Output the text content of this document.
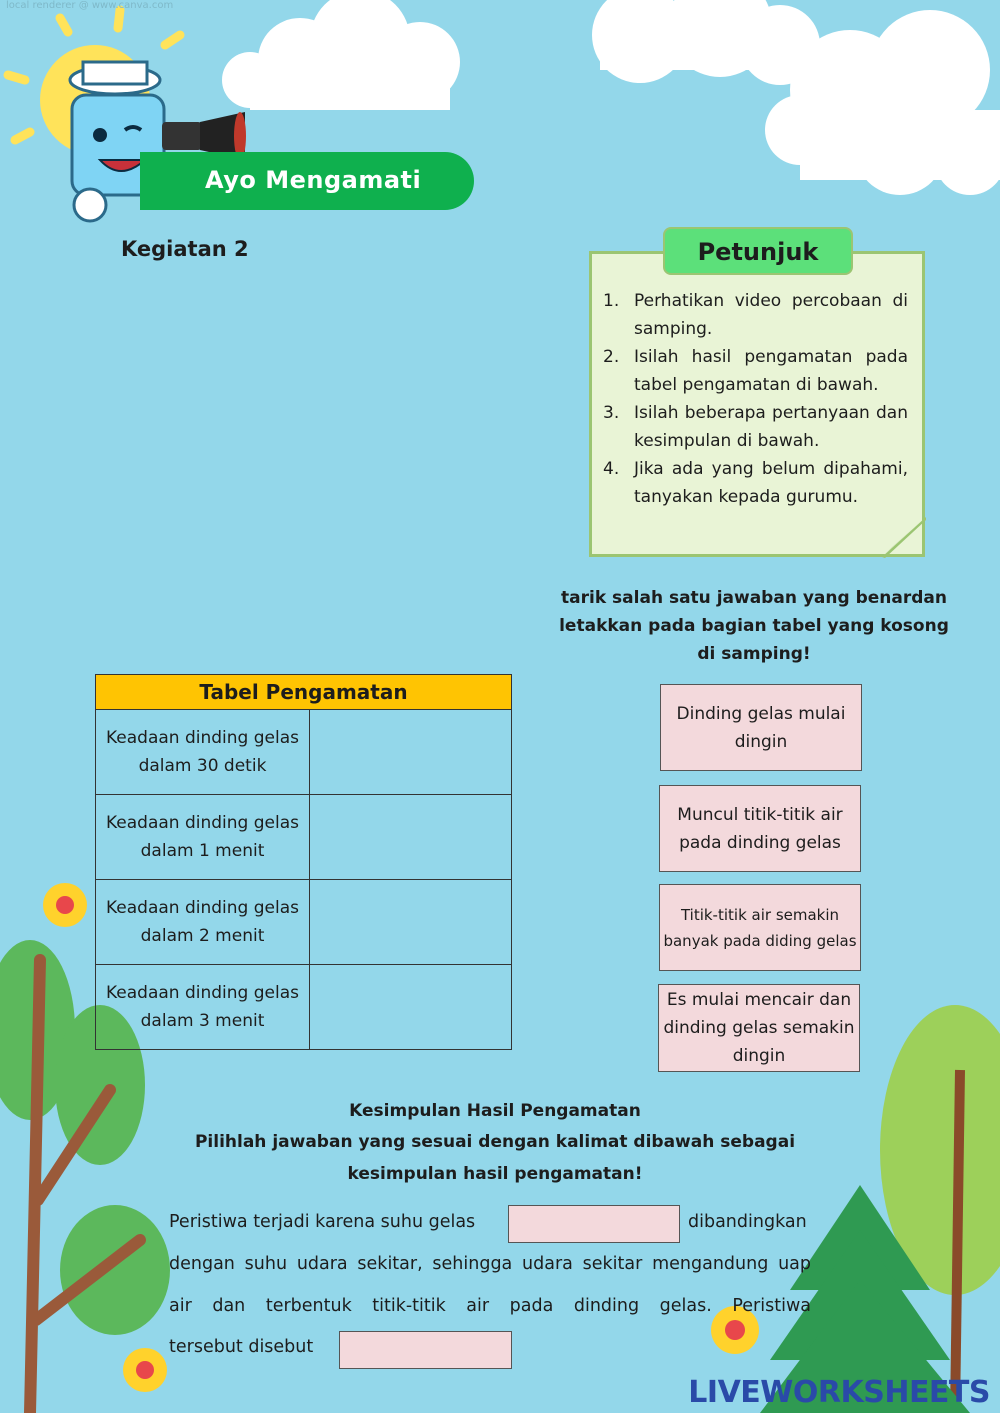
local renderer @ www.canva.com
Ayo Mengamati
Kegiatan 2	Petunjuk
1. Perhatikan video percobaan di samping.
2. Isilah hasil pengamatan pada tabel pengamatan di bawah.
3. Isilah beberapa pertanyaan dan kesimpulan di bawah.
4. Jika ada yang belum dipahami, tanyakan kepada gurumu.
tarik salah satu jawaban yang benardan letakkan pada bagian tabel yang kosong di samping!
Tabel Pengamatan	
Keadaan dinding gelas dalam 30 detik	
Keadaan dinding gelas dalam 1 menit	
Keadaan dinding gelas dalam 2 menit	
Keadaan dinding gelas dalam 3 menit	
Dinding gelas mulai dingin
Muncul titik-titik air pada dinding gelas
Titik-titik air semakin banyak pada diding gelas
Es mulai mencair dan dinding gelas semakin dingin
Kesimpulan Hasil Pengamatan
Pilihlah jawaban yang sesuai dengan kalimat dibawah sebagai kesimpulan hasil pengamatan!
Peristiwa terjadi karena suhu gelas	dibandingkan
dengan suhu udara sekitar, sehingga udara sekitar mengandung uap
air dan terbentuk titik-titik air pada dinding gelas. Peristiwa
tersebut disebut
LIVEWORKSHEETS
